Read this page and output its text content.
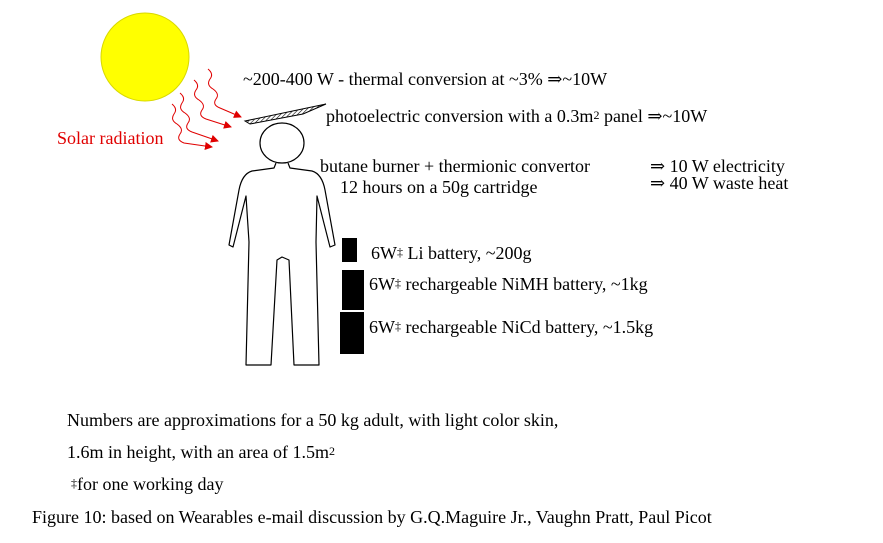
Solar radiation
~200-400 W - thermal conversion at ~3% ⇒~10W
photoelectric conversion with a $0.3m^2$ panel ⇒~10W
butane burner + thermionic convertor
12 hours on a 50g cartridge
⇒ 10 W electricity
⇒ 40 W waste heat
6W‡ Li battery, ~200g
6W‡ rechargeable NiMH battery, ~1kg
6W‡ rechargeable NiCd battery, ~1.5kg
Numbers are approximations for a 50 kg adult, with light color skin,
1.6m in height, with an area of $1.5m^2$
‡for one working day
Figure 10: based on Wearables e-mail discussion by G.Q.Maguire Jr., Vaughn Pratt, Paul Picot
